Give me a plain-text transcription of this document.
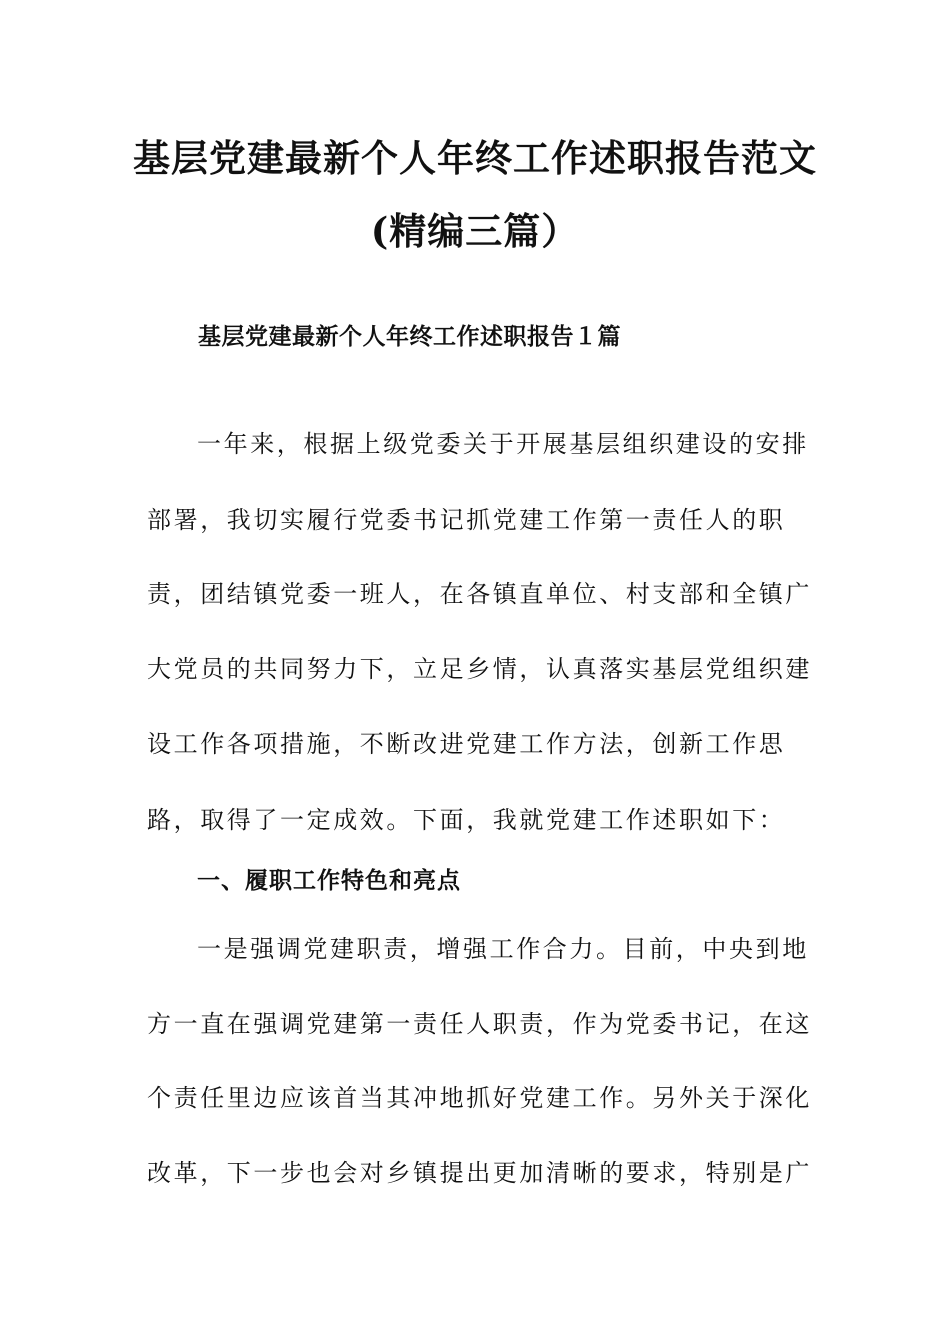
基层党建最新个人年终工作述职报告范文
(精编三篇）
基层党建最新个人年终工作述职报告１篇
一年来，根据上级党委关于开展基层组织建设的安排
部署，我切实履行党委书记抓党建工作第一责任人的职
责，团结镇党委一班人，在各镇直单位、村支部和全镇广
大党员的共同努力下，立足乡情，认真落实基层党组织建
设工作各项措施，不断改进党建工作方法，创新工作思
路，取得了一定成效。下面，我就党建工作述职如下：
一、履职工作特色和亮点
一是强调党建职责，增强工作合力。目前，中央到地
方一直在强调党建第一责任人职责，作为党委书记，在这
个责任里边应该首当其冲地抓好党建工作。另外关于深化
改革，下一步也会对乡镇提出更加清晰的要求，特别是广
